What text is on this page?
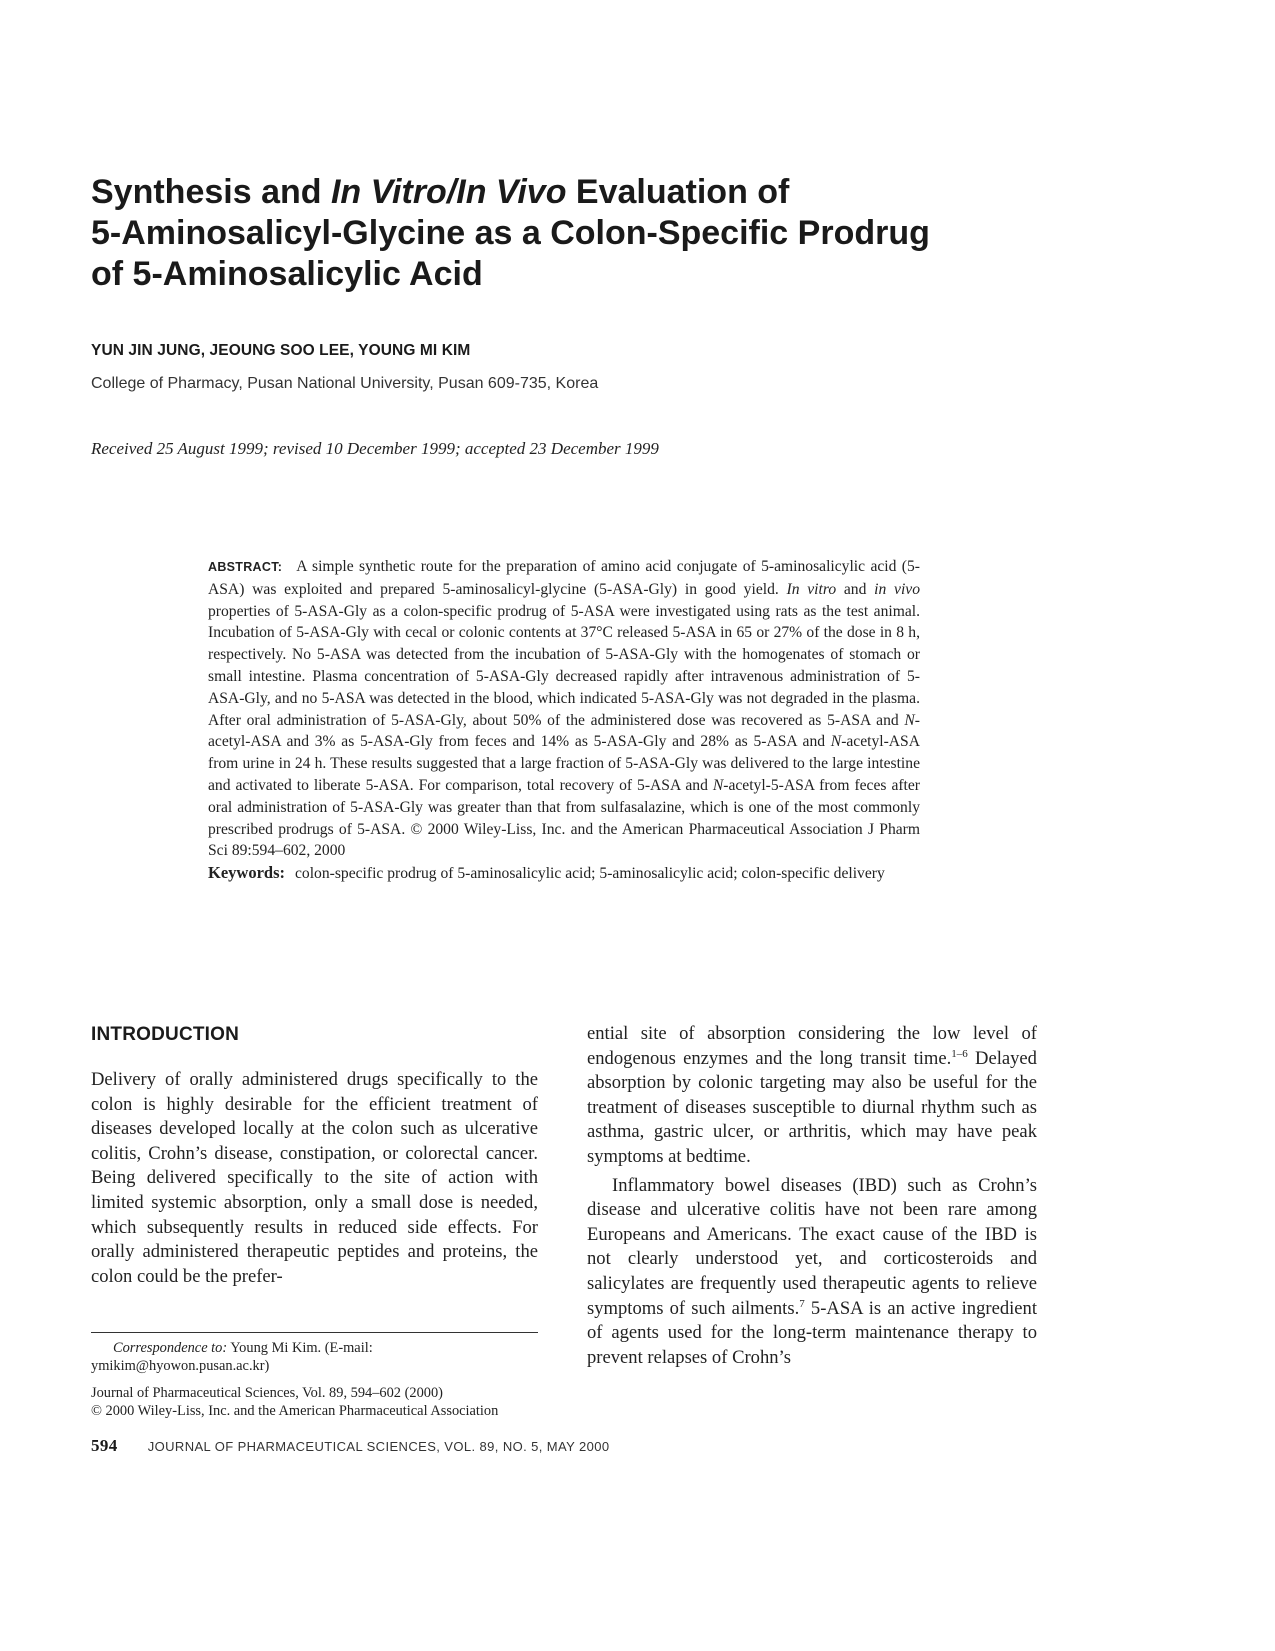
Synthesis and In Vitro/In Vivo Evaluation of
5-Aminosalicyl-Glycine as a Colon-Specific Prodrug
of 5-Aminosalicylic Acid
YUN JIN JUNG, JEOUNG SOO LEE, YOUNG MI KIM
College of Pharmacy, Pusan National University, Pusan 609-735, Korea
Received 25 August 1999; revised 10 December 1999; accepted 23 December 1999

ABSTRACT: A simple synthetic route for the preparation of amino acid conjugate of 5-aminosalicylic acid (5-ASA) was exploited and prepared 5-aminosalicyl-glycine (5-ASA-Gly) in good yield. In vitro and in vivo properties of 5-ASA-Gly as a colon-specific prodrug of 5-ASA were investigated using rats as the test animal. Incubation of 5-ASA-Gly with cecal or colonic contents at 37°C released 5-ASA in 65 or 27% of the dose in 8 h, respectively. No 5-ASA was detected from the incubation of 5-ASA-Gly with the homogenates of stomach or small intestine. Plasma concentration of 5-ASA-Gly decreased rapidly after intravenous administration of 5-ASA-Gly, and no 5-ASA was detected in the blood, which indicated 5-ASA-Gly was not degraded in the plasma. After oral administration of 5-ASA-Gly, about 50% of the administered dose was recovered as 5-ASA and N-acetyl-ASA and 3% as 5-ASA-Gly from feces and 14% as 5-ASA-Gly and 28% as 5-ASA and N-acetyl-ASA from urine in 24 h. These results suggested that a large fraction of 5-ASA-Gly was delivered to the large intestine and activated to liberate 5-ASA. For comparison, total recovery of 5-ASA and N-acetyl-5-ASA from feces after oral administration of 5-ASA-Gly was greater than that from sulfasalazine, which is one of the most commonly prescribed prodrugs of 5-ASA. © 2000 Wiley-Liss, Inc. and the American Pharmaceutical Association J Pharm Sci 89:594–602, 2000

Keywords: colon-specific prodrug of 5-aminosalicylic acid; 5-aminosalicylic acid; colon-specific delivery

INTRODUCTION

Delivery of orally administered drugs specifically to the colon is highly desirable for the efficient treatment of diseases developed locally at the colon such as ulcerative colitis, Crohn’s disease, constipation, or colorectal cancer. Being delivered specifically to the site of action with limited systemic absorption, only a small dose is needed, which subsequently results in reduced side effects. For orally administered therapeutic peptides and proteins, the colon could be the prefer-

ential site of absorption considering the low level of endogenous enzymes and the long transit time.$^{1-6}$ Delayed absorption by colonic targeting may also be useful for the treatment of diseases susceptible to diurnal rhythm such as asthma, gastric ulcer, or arthritis, which may have peak symptoms at bedtime.

Inflammatory bowel diseases (IBD) such as Crohn’s disease and ulcerative colitis have not been rare among Europeans and Americans. The exact cause of the IBD is not clearly understood yet, and corticosteroids and salicylates are frequently used therapeutic agents to relieve symptoms of such ailments.$^7$ 5-ASA is an active ingredient of agents used for the long-term maintenance therapy to prevent relapses of Crohn’s

Correspondence to: Young Mi Kim. (E-mail: ymikim@hyowon.pusan.ac.kr)

Journal of Pharmaceutical Sciences, Vol. 89, 594–602 (2000)
© 2000 Wiley-Liss, Inc. and the American Pharmaceutical Association

594 JOURNAL OF PHARMACEUTICAL SCIENCES, VOL. 89, NO. 5, MAY 2000
